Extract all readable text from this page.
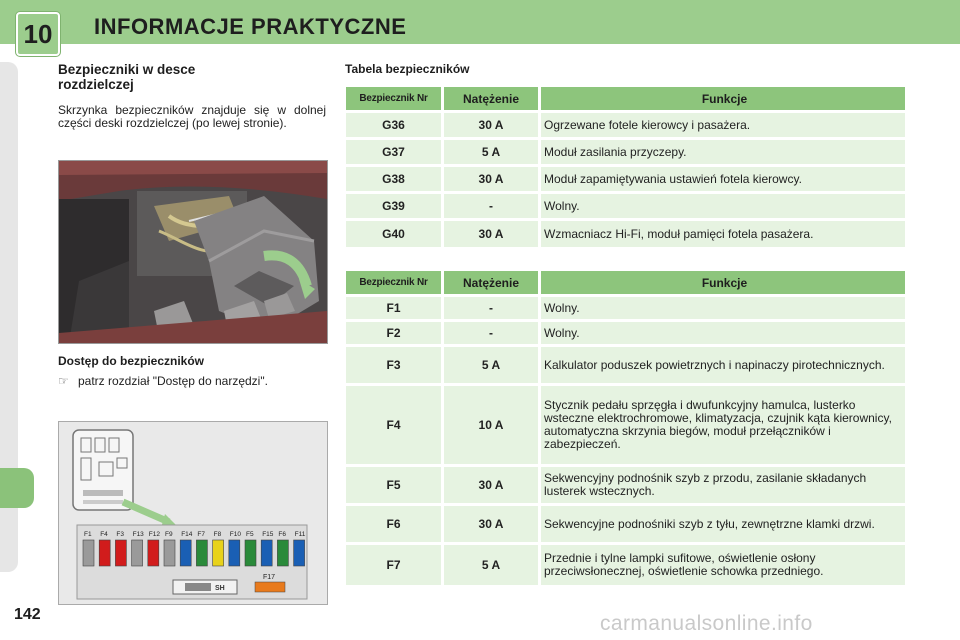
10 INFORMACJE PRAKTYCZNE
Bezpieczniki w desce rozdzielczej

Skrzynka bezpieczników znajduje się w dolnej części deski rozdzielczej (po lewej stronie).

Dostęp do bezpieczników
☞ patrz rozdział "Dostęp do narzędzi".
F1 F4 F3 F13 F12 F9 F14 F7 F8 F10 F5 F15 F6 F11
SH
F17
Tabela bezpieczników
Bezpiecznik Nr	Natężenie	Funkcje
G36	30 A	Ogrzewane fotele kierowcy i pasażera.
G37	5 A	Moduł zasilania przyczepy.
G38	30 A	Moduł zapamiętywania ustawień fotela kierowcy.
G39	-	Wolny.
G40	30 A	Wzmacniacz Hi-Fi, moduł pamięci fotela pasażera.
Bezpiecznik Nr	Natężenie	Funkcje
F1	-	Wolny.
F2	-	Wolny.
F3	5 A	Kalkulator poduszek powietrznych i napinaczy pirotechnicznych.
F4	10 A	Stycznik pedału sprzęgła i dwufunkcyjny hamulca, lusterko wsteczne elektrochromowe, klimatyzacja, czujnik kąta kierownicy, automatyczna skrzynia biegów, moduł przełączników i zabezpieczeń.
F5	30 A	Sekwencyjny podnośnik szyb z przodu, zasilanie składanych lusterek wstecznych.
F6	30 A	Sekwencyjne podnośniki szyb z tyłu, zewnętrzne klamki drzwi.
F7	5 A	Przednie i tylne lampki sufitowe, oświetlenie osłony przeciwsłonecznej, oświetlenie schowka przedniego.
142	carmanualsonline.info
